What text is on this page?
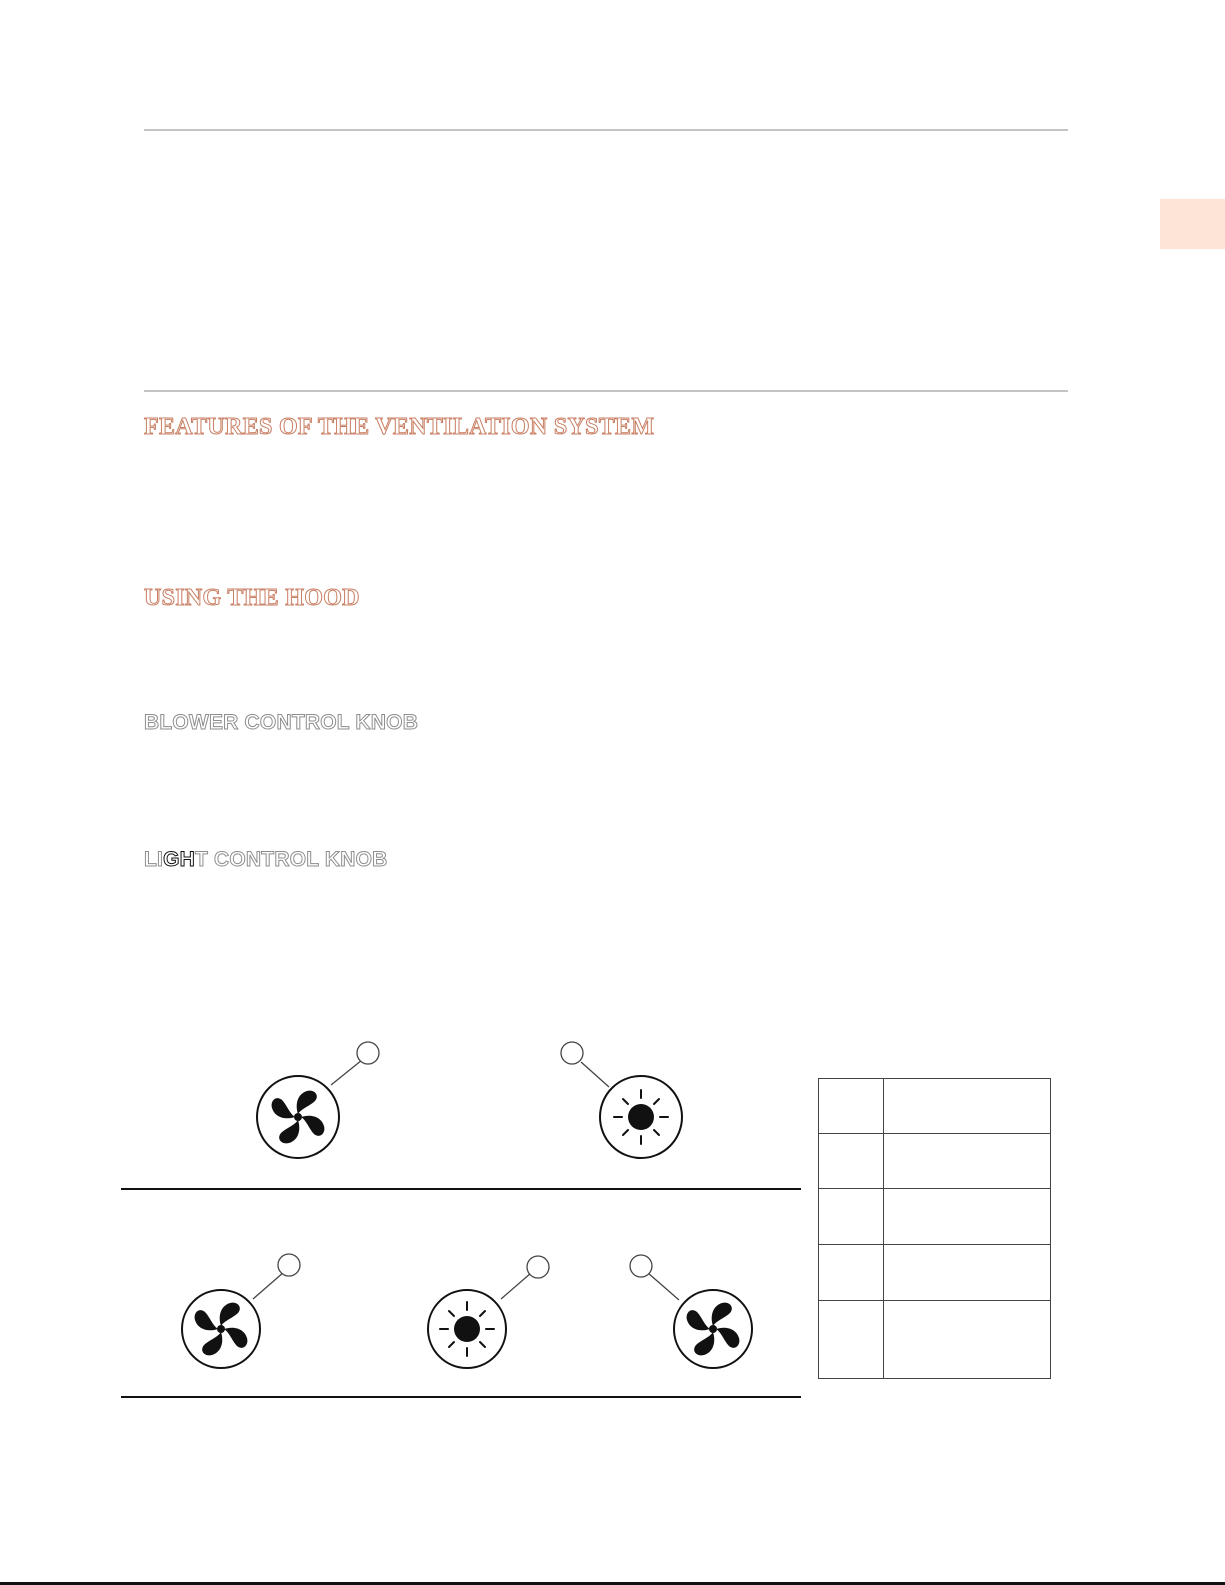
FEATURES OF THE VENTILATION SYSTEM
USING THE HOOD
BLOWER CONTROL KNOB
LIGHT CONTROL KNOB
